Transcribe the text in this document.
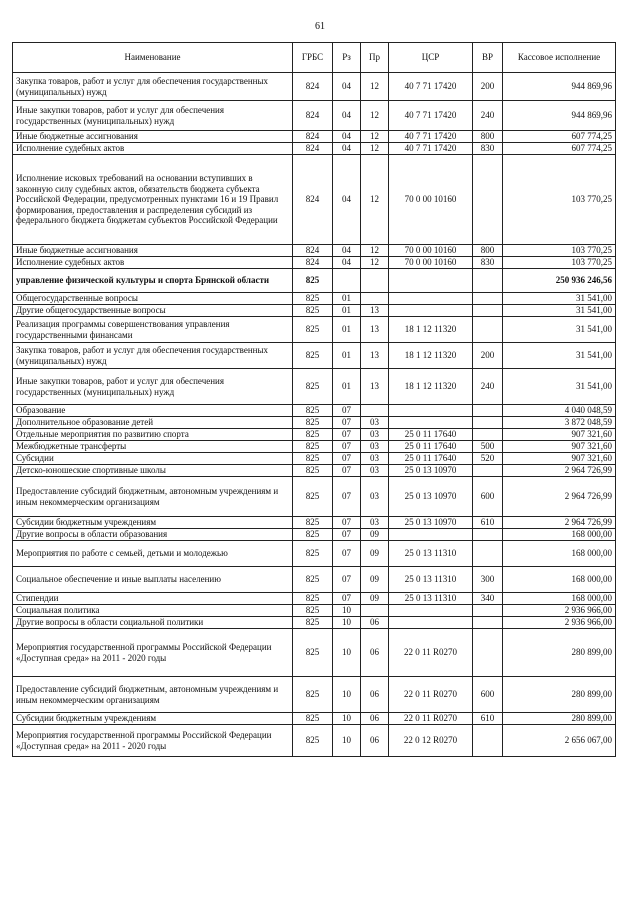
61
Наименование	ГРБС	Рз	Пр	ЦСР	ВР	Кассовое исполнение
Закупка товаров, работ и услуг для обеспечения государственных (муниципальных) нужд	824	04	12	40 7 71 17420	200	944 869,96
Иные закупки товаров, работ и услуг для обеспечения государственных (муниципальных) нужд	824	04	12	40 7 71 17420	240	944 869,96
Иные бюджетные ассигнования	824	04	12	40 7 71 17420	800	607 774,25
Исполнение судебных актов	824	04	12	40 7 71 17420	830	607 774,25
Исполнение исковых требований на основании вступивших в законную силу судебных актов, обязательств бюджета субъекта Российской Федерации, предусмотренных пунктами 16 и 19 Правил формирования, предоставления и распределения субсидий из федерального бюджета бюджетам субъектов Российской Федерации	824	04	12	70 0 00 10160		103 770,25
Иные бюджетные ассигнования	824	04	12	70 0 00 10160	800	103 770,25
Исполнение судебных актов	824	04	12	70 0 00 10160	830	103 770,25
управление физической культуры и спорта Брянской области	825					250 936 246,56
Общегосударственные вопросы	825	01				31 541,00
Другие общегосударственные вопросы	825	01	13			31 541,00
Реализация программы совершенствования управления государственными финансами	825	01	13	18 1 12 11320		31 541,00
Закупка товаров, работ и услуг для обеспечения государственных (муниципальных) нужд	825	01	13	18 1 12 11320	200	31 541,00
Иные закупки товаров, работ и услуг для обеспечения государственных (муниципальных) нужд	825	01	13	18 1 12 11320	240	31 541,00
Образование	825	07				4 040 048,59
Дополнительное образование детей	825	07	03			3 872 048,59
Отдельные мероприятия по развитию спорта	825	07	03	25 0 11 17640		907 321,60
Межбюджетные трансферты	825	07	03	25 0 11 17640	500	907 321,60
Субсидии	825	07	03	25 0 11 17640	520	907 321,60
Детско-юношеские спортивные школы	825	07	03	25 0 13 10970		2 964 726,99
Предоставление субсидий бюджетным, автономным учреждениям и иным некоммерческим организациям	825	07	03	25 0 13 10970	600	2 964 726,99
Субсидии бюджетным учреждениям	825	07	03	25 0 13 10970	610	2 964 726,99
Другие вопросы в области образования	825	07	09			168 000,00
Мероприятия по работе с семьей, детьми и молодежью	825	07	09	25 0 13 11310		168 000,00
Социальное обеспечение и иные выплаты населению	825	07	09	25 0 13 11310	300	168 000,00
Стипендии	825	07	09	25 0 13 11310	340	168 000,00
Социальная политика	825	10				2 936 966,00
Другие вопросы в области социальной политики	825	10	06			2 936 966,00
Мероприятия государственной программы Российской Федерации «Доступная среда» на 2011 - 2020 годы	825	10	06	22 0 11 R0270		280 899,00
Предоставление субсидий бюджетным, автономным учреждениям и иным некоммерческим организациям	825	10	06	22 0 11 R0270	600	280 899,00
Субсидии бюджетным учреждениям	825	10	06	22 0 11 R0270	610	280 899,00
Мероприятия государственной программы Российской Федерации «Доступная среда» на 2011 - 2020 годы	825	10	06	22 0 12 R0270		2 656 067,00
